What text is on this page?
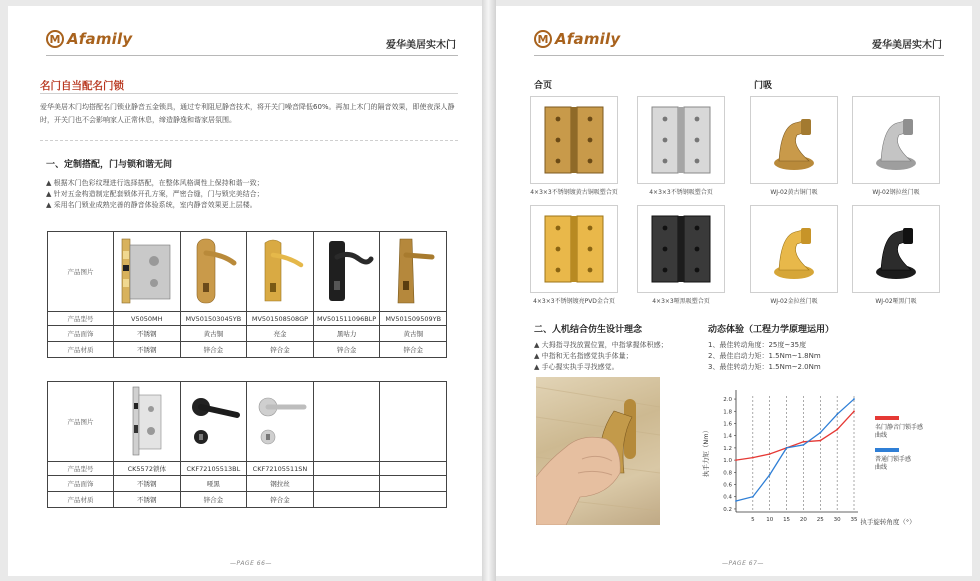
M Afamily	爱华美居实木门
名门自当配名门锁
爱华美居木门均搭配名门锁业静音五金锁具，通过专利阻尼静音技术，将开关门噪音降低60%。再加上木门的隔音效果，即使夜深人静时，开关门也不会影响家人正常休息，缔造静逸和谐家居氛围。
一、定制搭配，门与锁和谐无间
▲ 根据木门色彩纹理进行选择搭配，在整体风格调性上保持和谐一致；
▲ 针对五金构造制定配套锁体开孔方案，严密合缝，门与锁完美结合；
▲ 采用名门锁业成熟完善的静音体验系统，室内静音效果更上层楼。
产品图片					
产品型号	V5050MH	MV501503045YB	MV501508508GP	MV501511096BLP	MV501509509YB
产品面饰	不锈钢	黄古铜	亮金	黑咕力	黄古铜
产品材质	不锈钢	锌合金	锌合金	锌合金	锌合金
产品图片					
产品型号	CK5572锁体	CKF72105513BL	CKF72105511SN		
产品面饰	不锈钢	哑黑	钢拉丝		
产品材质	不锈钢	锌合金	锌合金		
—PAGE 66—
M Afamily	爱华美居实木门
合页	门吸
4×3×3不锈钢镀黄古铜吸塑合页	4×3×3不锈钢吸塑合页
4×3×3不锈钢镀亮PVD金合页	4×3×3哑黑吸塑合页
WJ-02黄古铜门吸	WJ-02钢拉丝门吸
WJ-02金拉丝门吸	WJ-02哑黑门吸
二、人机结合仿生设计理念
▲ 大拇指寻找放置位置，中指掌握体积感；
▲ 中指和无名指感觉执手体量；
▲ 手心握实执手寻找感觉。
动态体验（工程力学原理运用）
1、最佳转动角度：25度~35度
2、最佳启动力矩：1.5Nm~1.8Nm
3、最佳转动力矩：1.5Nm~2.0Nm
执手力矩（Nm）
0.2
0.4
0.6
0.8
1.0
1.2
1.4
1.6
1.8
2.0
5 10 15 20 25 30 35 执手旋转角度（°）
名门静音门锁手感曲线
普通门锁手感曲线
—PAGE 67—
